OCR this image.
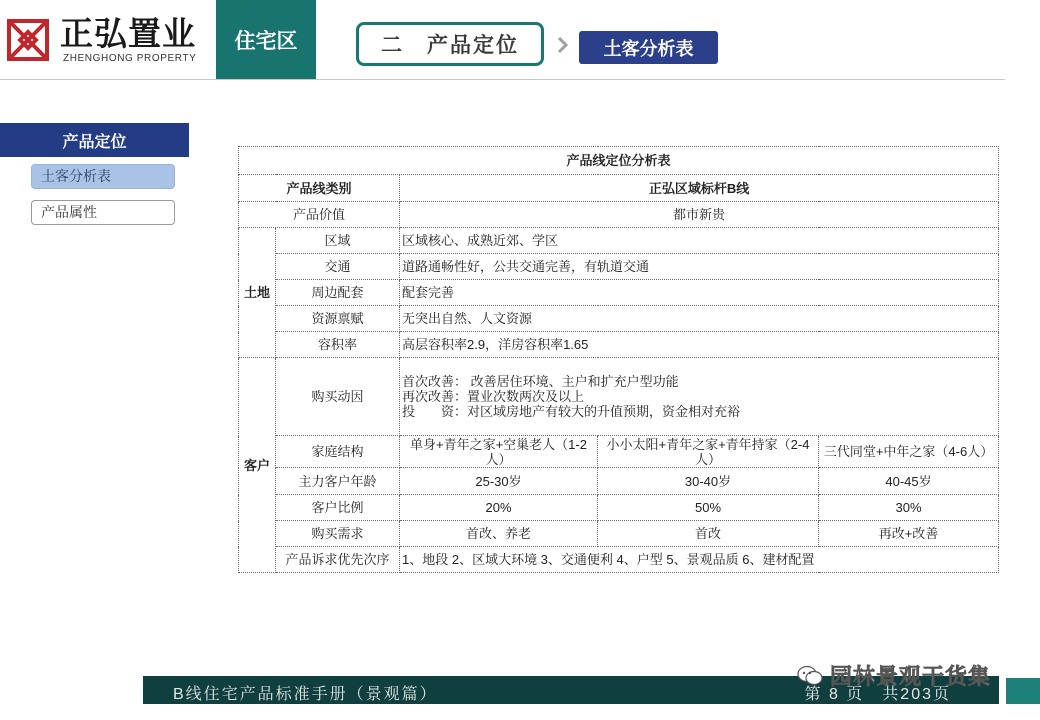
正弘置业
ZHENGHONG PROPERTY
住宅区	二　产品定位	土客分析表
产品定位
土客分析表
产品属性
产品线定位分析表				
产品线类别		正弘区域标杆B线		
产品价值		都市新贵		
土地	区域	区域核心、成熟近郊、学区		
	交通	道路通畅性好，公共交通完善，有轨道交通		
	周边配套	配套完善		
	资源禀赋	无突出自然、人文资源		
	容积率	高层容积率2.9，洋房容积率1.65		
客户	购买动因	首次改善： 改善居住环境、主户和扩充户型功能
再次改善：置业次数两次及以上
投　　资：对区域房地产有较大的升值预期，资金相对充裕		

	家庭结构	单身+青年之家+空巢老人（1-2人）	小小太阳+青年之家+青年持家（2-4人）	三代同堂+中年之家（4-6人）
	主力客户年龄	25-30岁	30-40岁	40-45岁
	客户比例	20%	50%	30%
	购买需求	首改、养老	首改	再改+改善
	产品诉求优先次序	1、地段 2、区域大环境 3、交通便利 4、户型 5、景观品质 6、建材配置		
B线住宅产品标准手册（景观篇）	第 8 页　共203页
园林景观干货集
